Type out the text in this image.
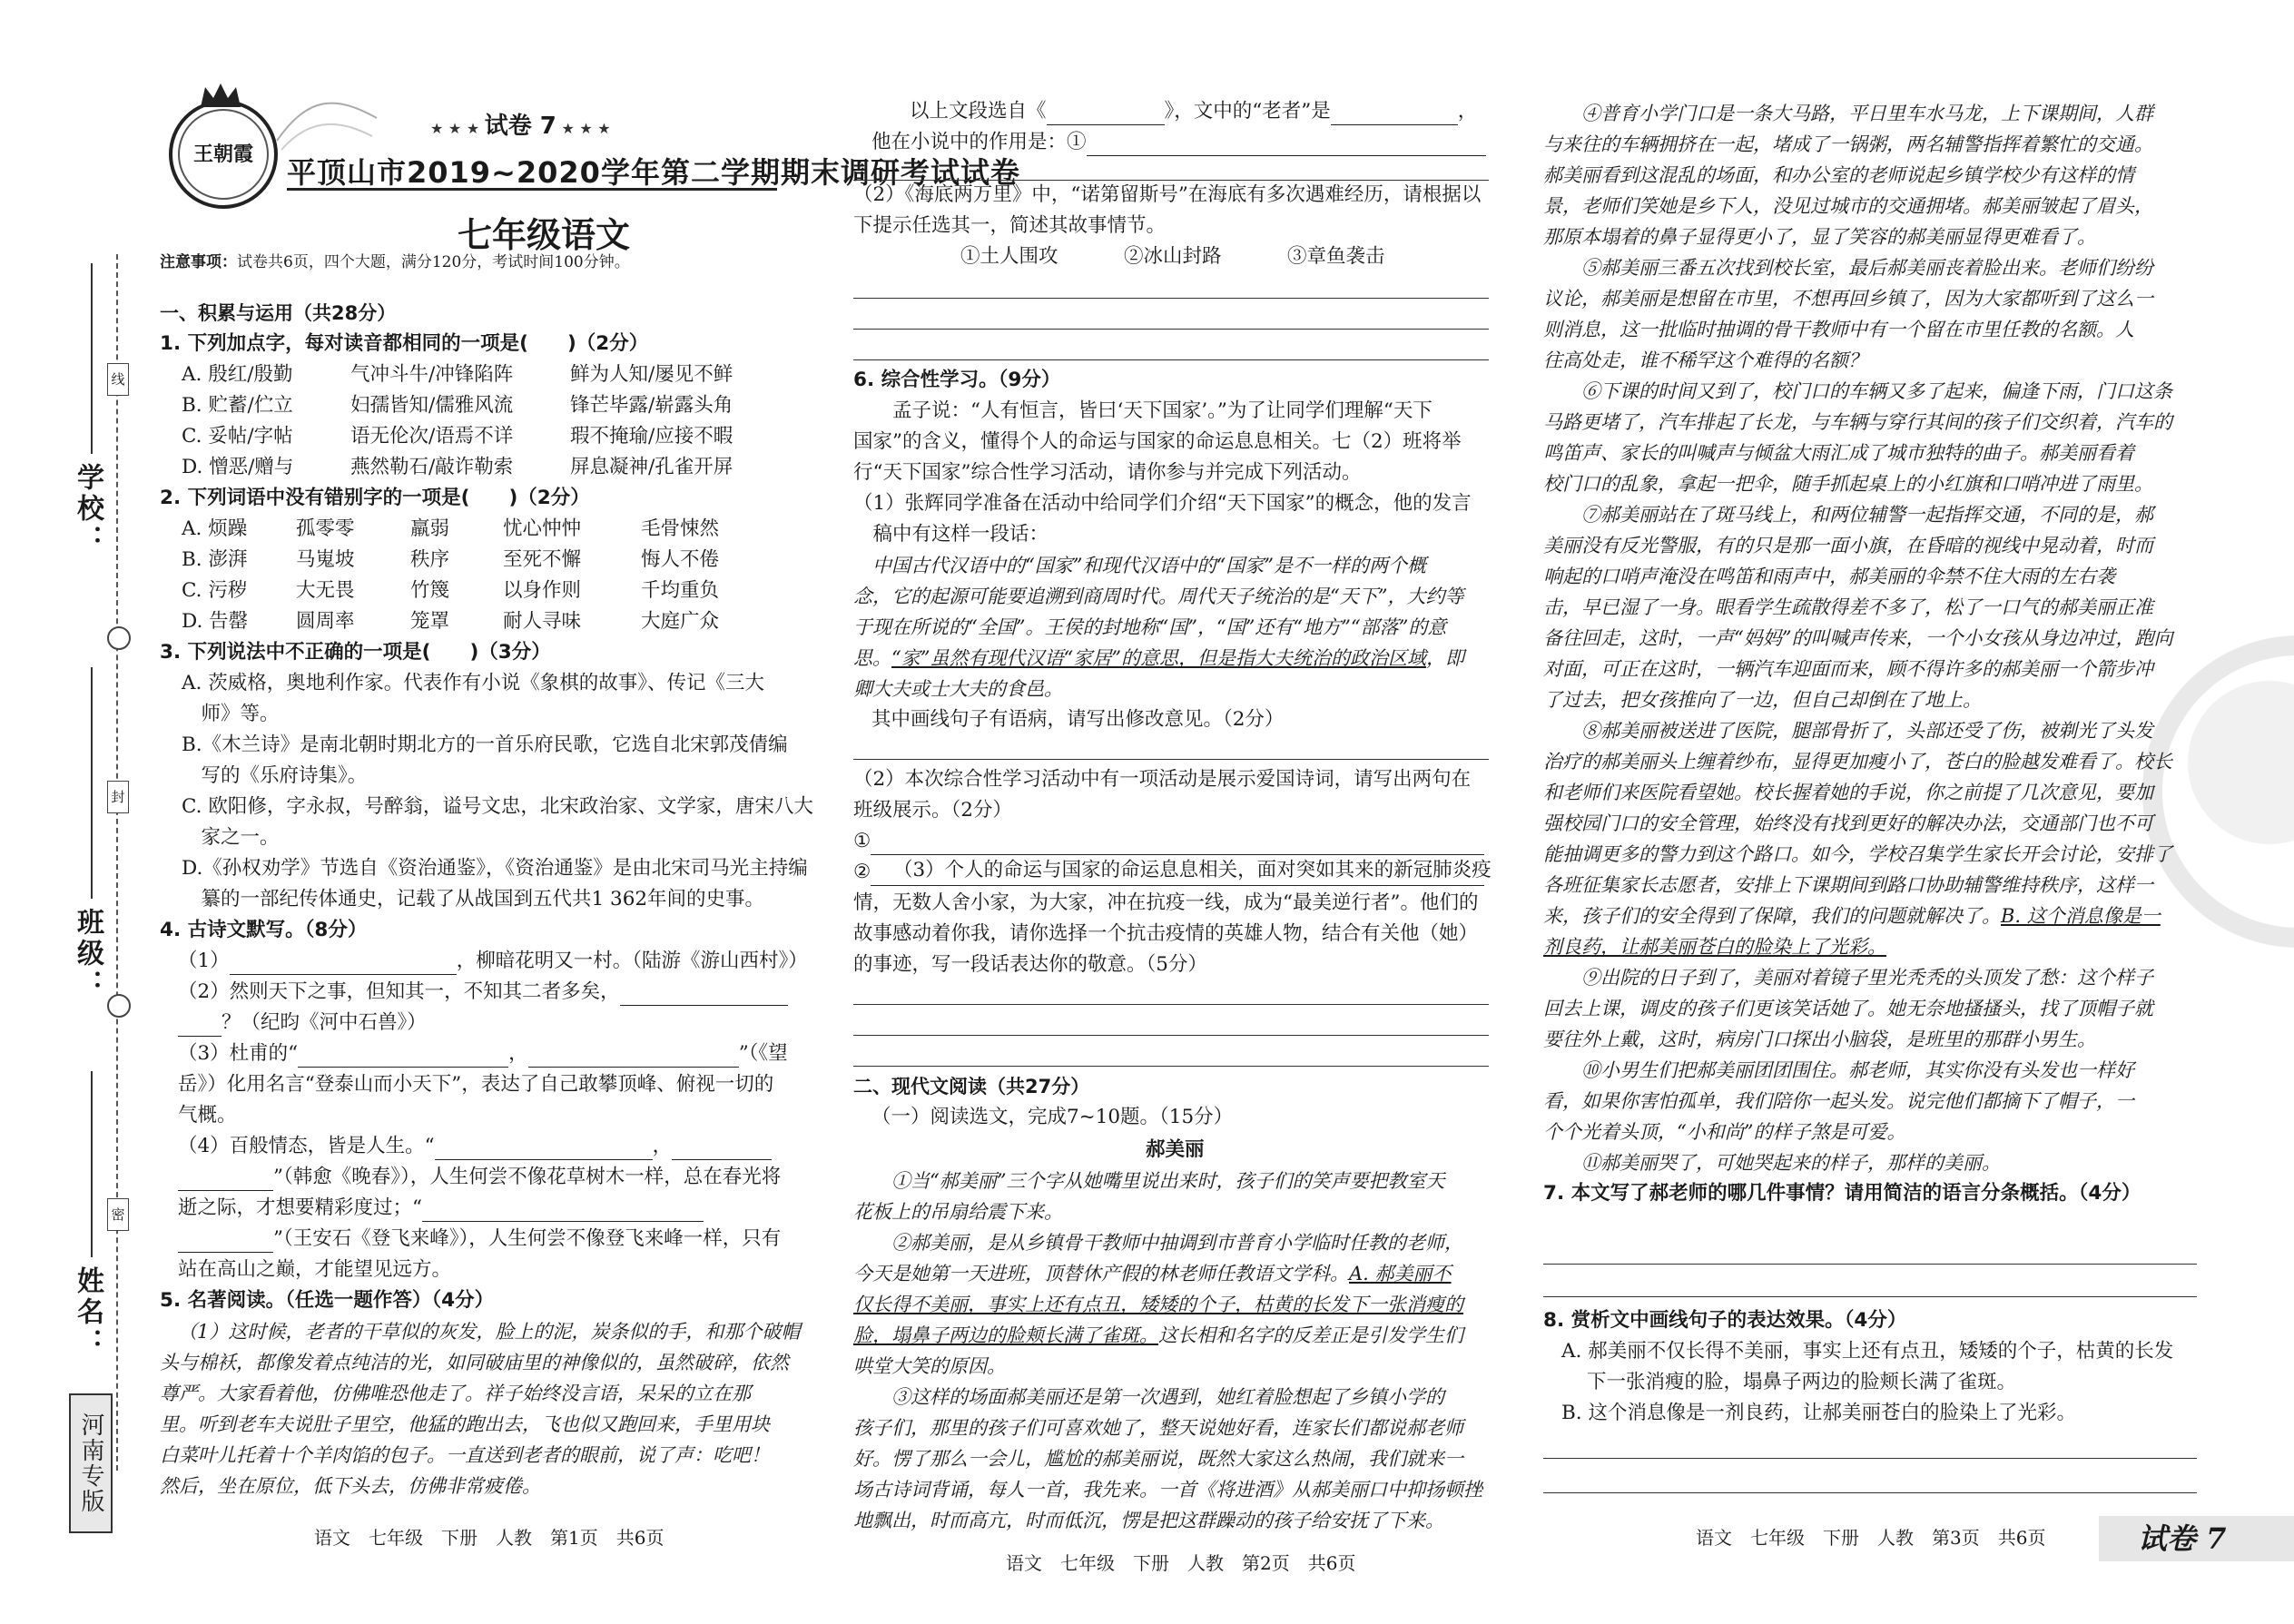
学校：
班级：
姓名：
线
封
密
河南专版
王朝霞
★ ★ ★ 试卷 7 ★ ★ ★
平顶山市2019~2020学年第二学期期末调研考试试卷
七年级语文
注意事项：试卷共6页，四个大题，满分120分，考试时间100分钟。
一、积累与运用（共28分）
1. 下列加点字，每对读音都相同的一项是(　　)（2分）
A. 殷红/殷勤	气冲斗牛/冲锋陷阵	鲜为人知/屡见不鲜
B. 贮蓄/伫立	妇孺皆知/儒雅风流	锋芒毕露/崭露头角
C. 妥帖/字帖	语无伦次/语焉不详	瑕不掩瑜/应接不暇
D. 憎恶/赠与	燕然勒石/敲诈勒索	屏息凝神/孔雀开屏
2. 下列词语中没有错别字的一项是(　　)（2分）
A. 烦躁	孤零零	羸弱	忧心忡忡	毛骨悚然
B. 澎湃 马嵬坡	秩序	至死不懈	悔人不倦
C. 污秽 大无畏	竹篾	以身作则	千均重负
D. 告罄 圆周率	笼罩	耐人寻味	大庭广众
3. 下列说法中不正确的一项是(　　)（3分）
A. 茨威格，奥地利作家。代表作有小说《象棋的故事》、传记《三大
　师》等。
B.《木兰诗》是南北朝时期北方的一首乐府民歌，它选自北宋郭茂倩编
　写的《乐府诗集》。
C. 欧阳修，字永叔，号醉翁，谥号文忠，北宋政治家、文学家，唐宋八大
　家之一。
D.《孙权劝学》节选自《资治通鉴》，《资治通鉴》是由北宋司马光主持编
　纂的一部纪传体通史，记载了从战国到五代共1 362年间的史事。
4. 古诗文默写。（8分）
（1）	，柳暗花明又一村。（陆游《游山西村》）
（2）然则天下之事，但知其一，不知其二者多矣，
？（纪昀《河中石兽》）
（3）杜甫的“	，	”（《望
岳》）化用名言“登泰山而小天下”，表达了自己敢攀顶峰、俯视一切的
气概。
（4）百般情态，皆是人生。“	，
”（韩愈《晚春》），人生何尝不像花草树木一样，总在春光将
逝之际，才想要精彩度过；“
”（王安石《登飞来峰》），人生何尝不像登飞来峰一样，只有
站在高山之巅，才能望见远方。
5. 名著阅读。（任选一题作答）（4分）
（1）这时候，老者的干草似的灰发，脸上的泥，炭条似的手，和那个破帽
头与棉袄，都像发着点纯洁的光，如同破庙里的神像似的，虽然破碎，依然
尊严。大家看着他，仿佛唯恐他走了。祥子始终没言语，呆呆的立在那
里。听到老车夫说肚子里空，他猛的跑出去，飞也似又跑回来，手里用块
白菜叶儿托着十个羊肉馅的包子。一直送到老者的眼前，说了声：吃吧！
然后，坐在原位，低下头去，仿佛非常疲倦。
语文　七年级　下册　人教　第1页　共6页
以上文段选自《	》，文中的“老者”是	，
他在小说中的作用是：①
（2）《海底两万里》中，“诺第留斯号”在海底有多次遇难经历，请根据以
下提示任选其一，简述其故事情节。
①土人围攻	②冰山封路	③章鱼袭击
6. 综合性学习。（9分）
　　孟子说：“人有恒言，皆曰‘天下国家’。”为了让同学们理解“天下
国家”的含义，懂得个人的命运与国家的命运息息相关。七（2）班将举
行“天下国家”综合性学习活动，请你参与并完成下列活动。
（1）张辉同学准备在活动中给同学们介绍“天下国家”的概念，他的发言
　稿中有这样一段话：
　中国古代汉语中的“国家”和现代汉语中的“国家”是不一样的两个概
念，它的起源可能要追溯到商周时代。周代天子统治的是“天下”，大约等
于现在所说的“全国”。王侯的封地称“国”，“国”还有“地方”“部落”的意
思。“家”虽然有现代汉语“家居”的意思，但是指大夫统治的政治区域，即
卿大夫或士大夫的食邑。
其中画线句子有语病，请写出修改意见。（2分）
（2）本次综合性学习活动中有一项活动是展示爱国诗词，请写出两句在
班级展示。（2分）
①
②	（3）个人的命运与国家的命运息息相关，面对突如其来的新冠肺炎疫
情，无数人舍小家，为大家，冲在抗疫一线，成为“最美逆行者”。他们的
故事感动着你我，请你选择一个抗击疫情的英雄人物，结合有关他（她）
的事迹，写一段话表达你的敬意。（5分）
二、现代文阅读（共27分）
（一）阅读选文，完成7~10题。（15分）
郝美丽
　　①当“郝美丽”三个字从她嘴里说出来时，孩子们的笑声要把教室天
花板上的吊扇给震下来。
　　②郝美丽，是从乡镇骨干教师中抽调到市普育小学临时任教的老师，
今天是她第一天进班，顶替休产假的林老师任教语文学科。A. 郝美丽不
仅长得不美丽，事实上还有点丑，矮矮的个子，枯黄的长发下一张消瘦的
脸，塌鼻子两边的脸颊长满了雀斑。这长相和名字的反差正是引发学生们
哄堂大笑的原因。
　　③这样的场面郝美丽还是第一次遇到，她红着脸想起了乡镇小学的
孩子们，那里的孩子们可喜欢她了，整天说她好看，连家长们都说郝老师
好。愣了那么一会儿，尴尬的郝美丽说，既然大家这么热闹，我们就来一
场古诗词背诵，每人一首，我先来。一首《将进酒》从郝美丽口中抑扬顿挫
地飘出，时而高亢，时而低沉，愣是把这群躁动的孩子给安抚了下来。
语文　七年级　下册　人教　第2页　共6页
　　④普育小学门口是一条大马路，平日里车水马龙，上下课期间，人群
与来往的车辆拥挤在一起，堵成了一锅粥，两名辅警指挥着繁忙的交通。
郝美丽看到这混乱的场面，和办公室的老师说起乡镇学校少有这样的情
景，老师们笑她是乡下人，没见过城市的交通拥堵。郝美丽皱起了眉头，
那原本塌着的鼻子显得更小了，显了笑容的郝美丽显得更难看了。
　　⑤郝美丽三番五次找到校长室，最后郝美丽丧着脸出来。老师们纷纷
议论，郝美丽是想留在市里，不想再回乡镇了，因为大家都听到了这么一
则消息，这一批临时抽调的骨干教师中有一个留在市里任教的名额。人
往高处走，谁不稀罕这个难得的名额？
　　⑥下课的时间又到了，校门口的车辆又多了起来，偏逢下雨，门口这条
马路更堵了，汽车排起了长龙，与车辆与穿行其间的孩子们交织着，汽车的
鸣笛声、家长的叫喊声与倾盆大雨汇成了城市独特的曲子。郝美丽看着
校门口的乱象，拿起一把伞，随手抓起桌上的小红旗和口哨冲进了雨里。
　　⑦郝美丽站在了斑马线上，和两位辅警一起指挥交通，不同的是，郝
美丽没有反光警服，有的只是那一面小旗，在昏暗的视线中晃动着，时而
响起的口哨声淹没在鸣笛和雨声中，郝美丽的伞禁不住大雨的左右袭
击，早已湿了一身。眼看学生疏散得差不多了，松了一口气的郝美丽正准
备往回走，这时，一声“妈妈”的叫喊声传来，一个小女孩从身边冲过，跑向
对面，可正在这时，一辆汽车迎面而来，顾不得许多的郝美丽一个箭步冲
了过去，把女孩推向了一边，但自己却倒在了地上。
　　⑧郝美丽被送进了医院，腿部骨折了，头部还受了伤，被剃光了头发
治疗的郝美丽头上缠着纱布，显得更加瘦小了，苍白的脸越发难看了。校长
和老师们来医院看望她。校长握着她的手说，你之前提了几次意见，要加
强校园门口的安全管理，始终没有找到更好的解决办法，交通部门也不可
能抽调更多的警力到这个路口。如今，学校召集学生家长开会讨论，安排了
各班征集家长志愿者，安排上下课期间到路口协助辅警维持秩序，这样一
来，孩子们的安全得到了保障，我们的问题就解决了。B. 这个消息像是一
剂良药，让郝美丽苍白的脸染上了光彩。
　　⑨出院的日子到了，美丽对着镜子里光秃秃的头顶发了愁：这个样子
回去上课，调皮的孩子们更该笑话她了。她无奈地搔搔头，找了顶帽子就
要往外上戴，这时，病房门口探出小脑袋，是班里的那群小男生。
　　⑩小男生们把郝美丽团团围住。郝老师，其实你没有头发也一样好
看，如果你害怕孤单，我们陪你一起头发。说完他们都摘下了帽子，一
个个光着头顶，“小和尚”的样子煞是可爱。
　　⑪郝美丽哭了，可她哭起来的样子，那样的美丽。
7. 本文写了郝老师的哪几件事情？请用简洁的语言分条概括。（4分）
8. 赏析文中画线句子的表达效果。（4分）
A. 郝美丽不仅长得不美丽，事实上还有点丑，矮矮的个子，枯黄的长发
下一张消瘦的脸，塌鼻子两边的脸颊长满了雀斑。
B. 这个消息像是一剂良药，让郝美丽苍白的脸染上了光彩。
语文　七年级　下册　人教　第3页　共6页	试卷 7
